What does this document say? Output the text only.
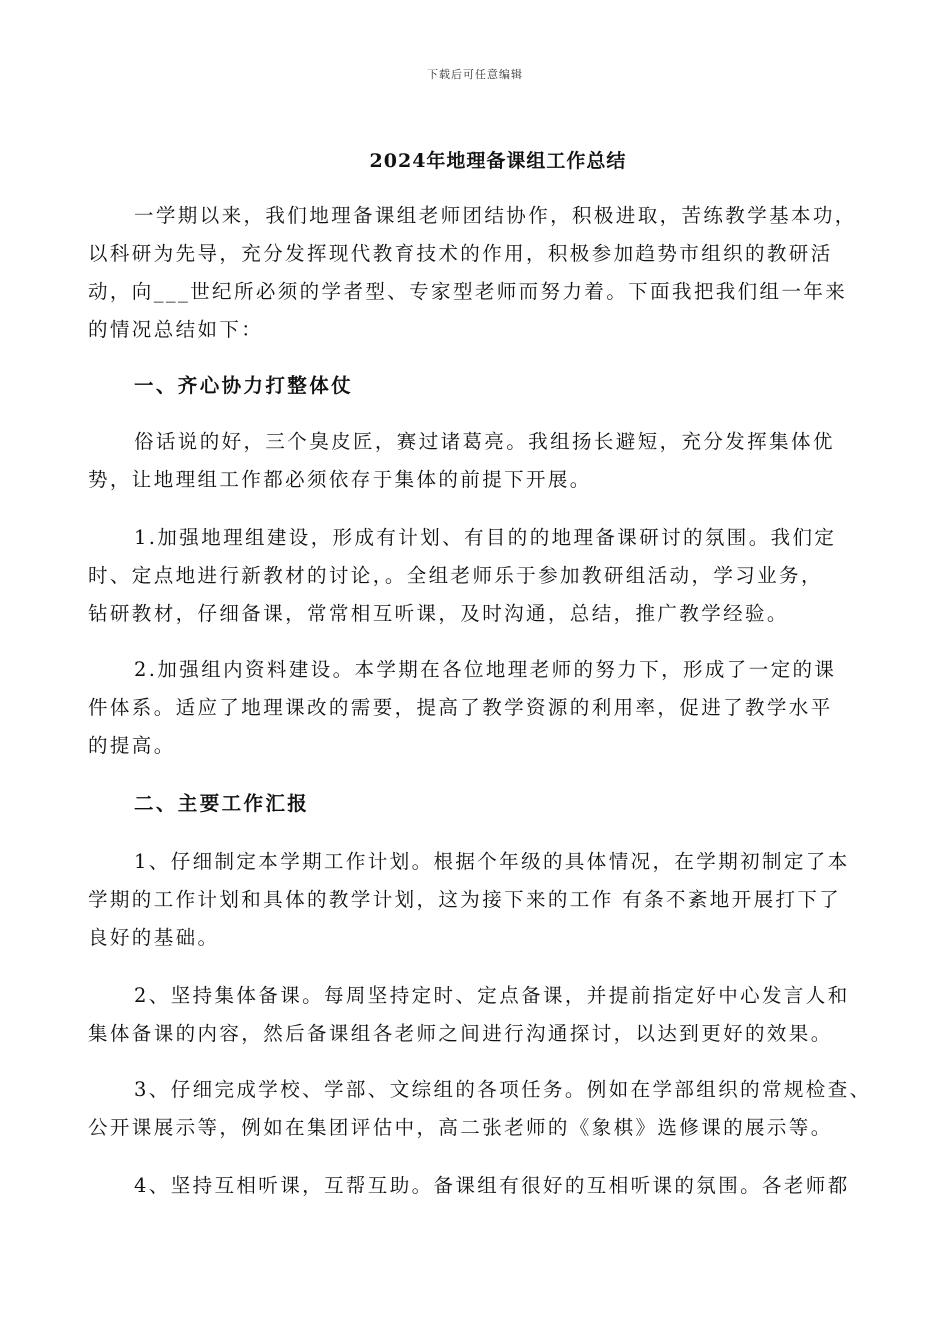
下载后可任意编辑
2024年地理备课组工作总结
一学期以来，我们地理备课组老师团结协作，积极进取，苦练教学基本功，
以科研为先导，充分发挥现代教育技术的作用，积极参加趋势市组织的教研活
动，向___世纪所必须的学者型、专家型老师而努力着。下面我把我们组一年来
的情况总结如下：
一、齐心协力打整体仗
俗话说的好，三个臭皮匠，赛过诸葛亮。我组扬长避短，充分发挥集体优
势，让地理组工作都必须依存于集体的前提下开展。
1.加强地理组建设，形成有计划、有目的的地理备课研讨的氛围。我们定
时、定点地进行新教材的讨论，。全组老师乐于参加教研组活动，学习业务，
钻研教材，仔细备课，常常相互听课，及时沟通，总结，推广教学经验。
2.加强组内资料建设。本学期在各位地理老师的努力下，形成了一定的课
件体系。适应了地理课改的需要，提高了教学资源的利用率，促进了教学水平
的提高。
二、主要工作汇报
1、仔细制定本学期工作计划。根据个年级的具体情况，在学期初制定了本
学期的工作计划和具体的教学计划，这为接下来的工作 有条不紊地开展打下了
良好的基础。
2、坚持集体备课。每周坚持定时、定点备课，并提前指定好中心发言人和
集体备课的内容，然后备课组各老师之间进行沟通探讨，以达到更好的效果。
3、仔细完成学校、学部、文综组的各项任务。例如在学部组织的常规检查、
公开课展示等，例如在集团评估中，高二张老师的《象棋》选修课的展示等。
4、坚持互相听课，互帮互助。备课组有很好的互相听课的氛围。各老师都
